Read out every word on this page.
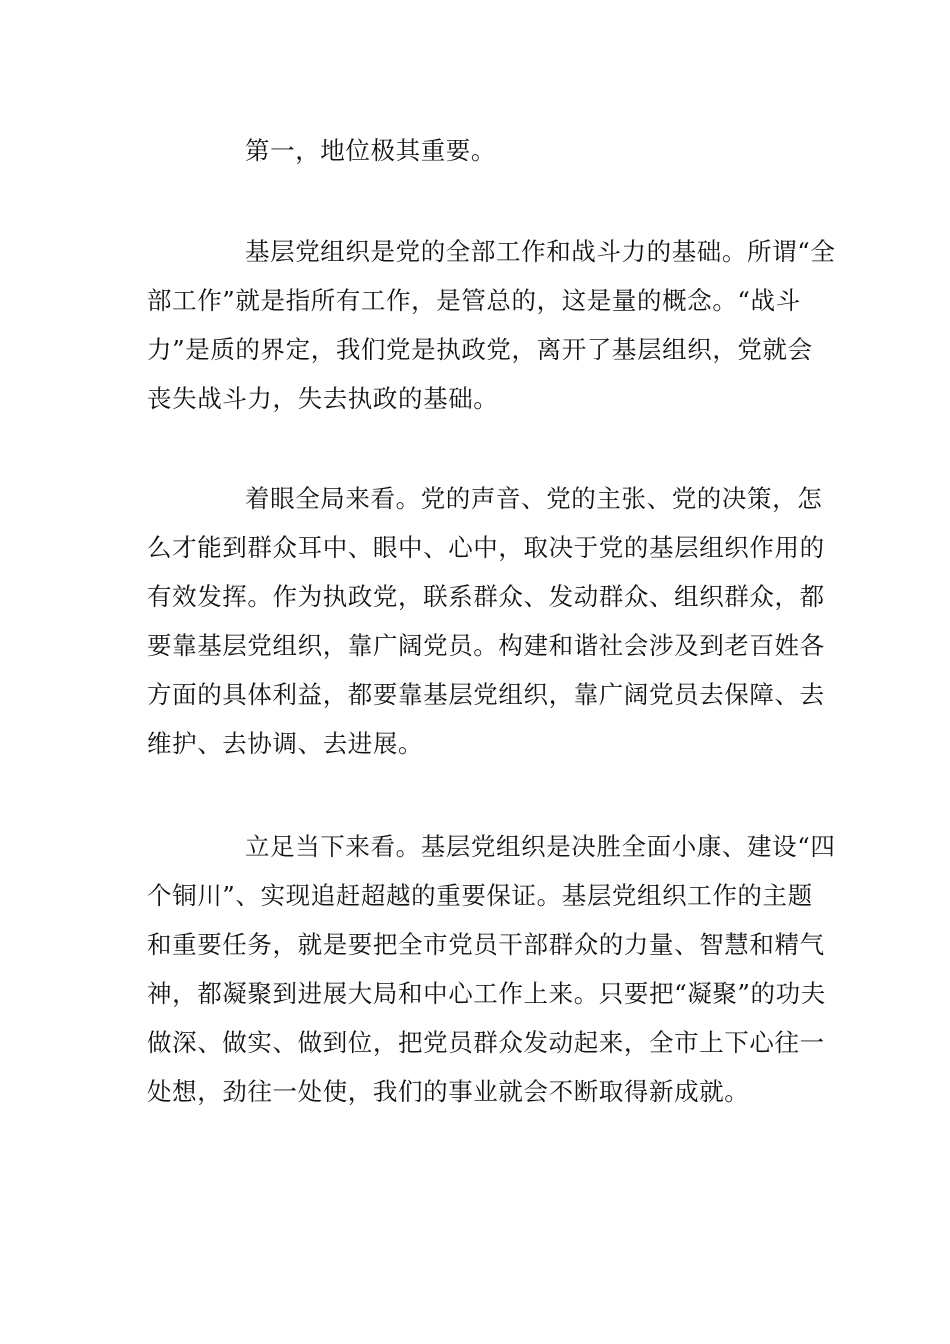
第一，地位极其重要。

基层党组织是党的全部工作和战斗力的基础。所谓“全部工作”就是指所有工作，是管总的，这是量的概念。“战斗力”是质的界定，我们党是执政党，离开了基层组织，党就会丧失战斗力，失去执政的基础。

着眼全局来看。党的声音、党的主张、党的决策，怎么才能到群众耳中、眼中、心中，取决于党的基层组织作用的有效发挥。作为执政党，联系群众、发动群众、组织群众，都要靠基层党组织，靠广阔党员。构建和谐社会涉及到老百姓各方面的具体利益，都要靠基层党组织，靠广阔党员去保障、去维护、去协调、去进展。

立足当下来看。基层党组织是决胜全面小康、建设“四个铜川”、实现追赶超越的重要保证。基层党组织工作的主题和重要任务，就是要把全市党员干部群众的力量、智慧和精气神，都凝聚到进展大局和中心工作上来。只要把“凝聚”的功夫做深、做实、做到位，把党员群众发动起来，全市上下心往一处想，劲往一处使，我们的事业就会不断取得新成就。
